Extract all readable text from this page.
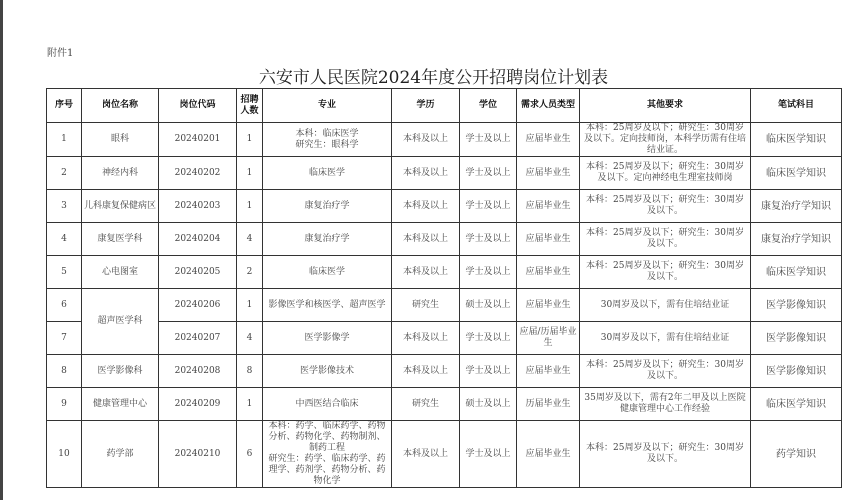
附件1
六安市人民医院2024年度公开招聘岗位计划表
序号	岗位名称	岗位代码	招聘人数	专业	学历	学位	需求人员类型	其他要求	笔试科目
1	眼科	20240201	1	本科：临床医学
研究生：眼科学	本科及以上	学士及以上	应届毕业生	本科：25周岁及以下；研究生：30周岁及以下。定向技师岗，本科学历需有住培结业证。	临床医学知识
2	神经内科	20240202	1	临床医学	本科及以上	学士及以上	应届毕业生	本科：25周岁及以下；研究生：30周岁及以下。定向神经电生理室技师岗	临床医学知识
3	儿科康复保健病区	20240203	1	康复治疗学	本科及以上	学士及以上	应届毕业生	本科：25周岁及以下；研究生：30周岁及以下。	康复治疗学知识
4	康复医学科	20240204	4	康复治疗学	本科及以上	学士及以上	应届毕业生	本科：25周岁及以下；研究生：30周岁及以下。	康复治疗学知识
5	心电图室	20240205	2	临床医学	本科及以上	学士及以上	应届毕业生	本科：25周岁及以下；研究生：30周岁及以下。	临床医学知识
6	超声医学科	20240206	1	影像医学和核医学、超声医学	研究生	硕士及以上	应届毕业生	30周岁及以下，需有住培结业证	医学影像知识
7		20240207	4	医学影像学	本科及以上	学士及以上	应届/历届毕业生	30周岁及以下，需有住培结业证	医学影像知识
8	医学影像科	20240208	8	医学影像技术	本科及以上	学士及以上	应届毕业生	本科：25周岁及以下；研究生：30周岁及以下。	医学影像知识
9	健康管理中心	20240209	1	中西医结合临床	研究生	硕士及以上	历届毕业生	35周岁及以下，需有2年二甲及以上医院健康管理中心工作经验	临床医学知识
10	药学部	20240210	6	本科：药学、临床药学、药物分析、药物化学、药物制剂、制药工程
研究生：药学、临床药学、药理学、药剂学、药物分析、药物化学	本科及以上	学士及以上	应届毕业生	本科：25周岁及以下；研究生：30周岁及以下。	药学知识
